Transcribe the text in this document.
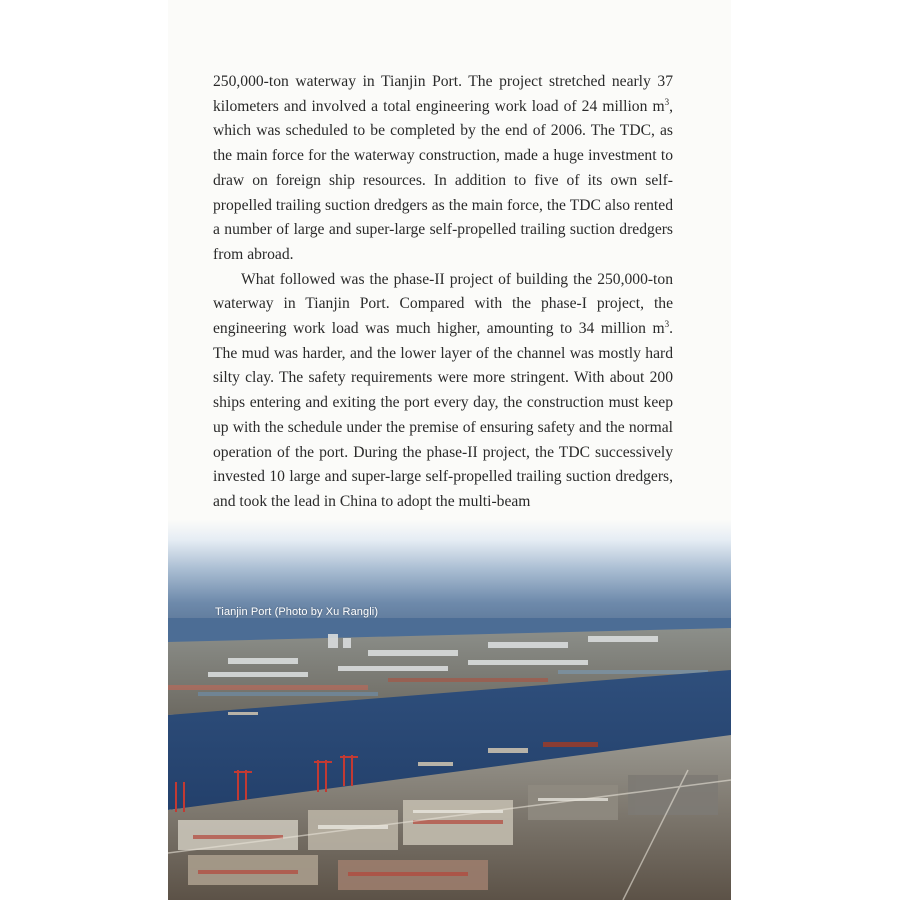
250,000-ton waterway in Tianjin Port. The project stretched nearly 37 kilometers and involved a total engineering work load of 24 million $m^3$, which was scheduled to be completed by the end of 2006. The TDC, as the main force for the waterway construction, made a huge investment to draw on foreign ship resources. In addition to five of its own self-propelled trailing suction dredgers as the main force, the TDC also rented a number of large and super-large self-propelled trailing suction dredgers from abroad.

What followed was the phase-II project of building the 250,000-ton waterway in Tianjin Port. Compared with the phase-I project, the engineering work load was much higher, amounting to 34 million $m^3$. The mud was harder, and the lower layer of the channel was mostly hard silty clay. The safety requirements were more stringent. With about 200 ships entering and exiting the port every day, the construction must keep up with the schedule under the premise of ensuring safety and the normal operation of the port. During the phase-II project, the TDC successively invested 10 large and super-large self-propelled trailing suction dredgers, and took the lead in China to adopt the multi-beam

Tianjin Port (Photo by Xu Rangli)
